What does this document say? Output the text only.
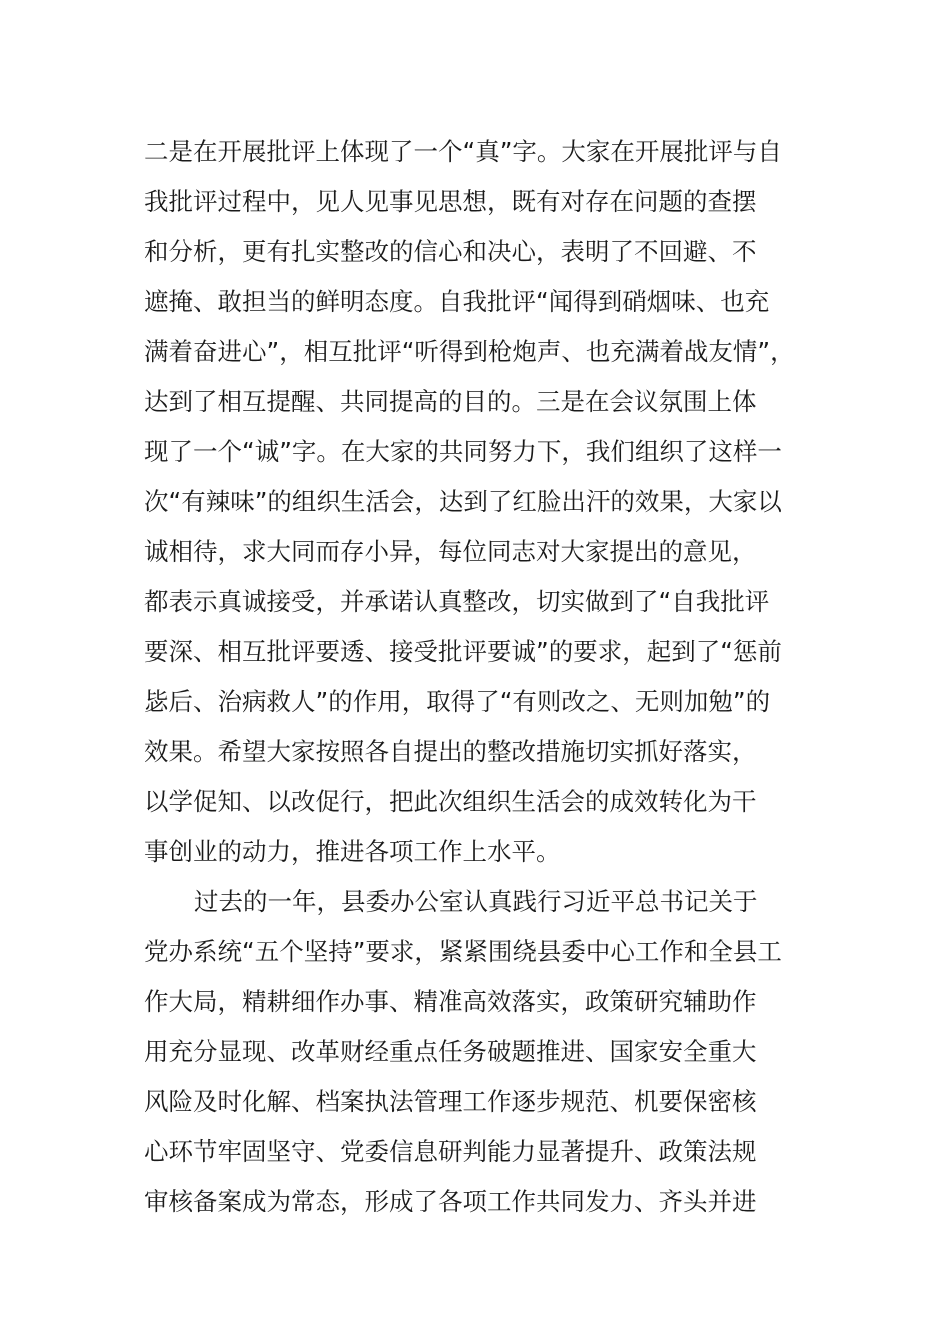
二是在开展批评上体现了一个“真”字。大家在开展批评与自
我批评过程中，见人见事见思想，既有对存在问题的查摆
和分析，更有扎实整改的信心和决心，表明了不回避、不
遮掩、敢担当的鲜明态度。自我批评“闻得到硝烟味、也充
满着奋进心”，相互批评“听得到枪炮声、也充满着战友情”，
达到了相互提醒、共同提高的目的。三是在会议氛围上体
现了一个“诚”字。在大家的共同努力下，我们组织了这样一
次“有辣味”的组织生活会，达到了红脸出汗的效果，大家以
诚相待，求大同而存小异，每位同志对大家提出的意见，
都表示真诚接受，并承诺认真整改，切实做到了“自我批评
要深、相互批评要透、接受批评要诚”的要求，起到了“惩前
毖后、治病救人”的作用，取得了“有则改之、无则加勉”的
效果。希望大家按照各自提出的整改措施切实抓好落实，
以学促知、以改促行，把此次组织生活会的成效转化为干
事创业的动力，推进各项工作上水平。
过去的一年，县委办公室认真践行习近平总书记关于
党办系统“五个坚持”要求，紧紧围绕县委中心工作和全县工
作大局，精耕细作办事、精准高效落实，政策研究辅助作
用充分显现、改革财经重点任务破题推进、国家安全重大
风险及时化解、档案执法管理工作逐步规范、机要保密核
心环节牢固坚守、党委信息研判能力显著提升、政策法规
审核备案成为常态，形成了各项工作共同发力、齐头并进
